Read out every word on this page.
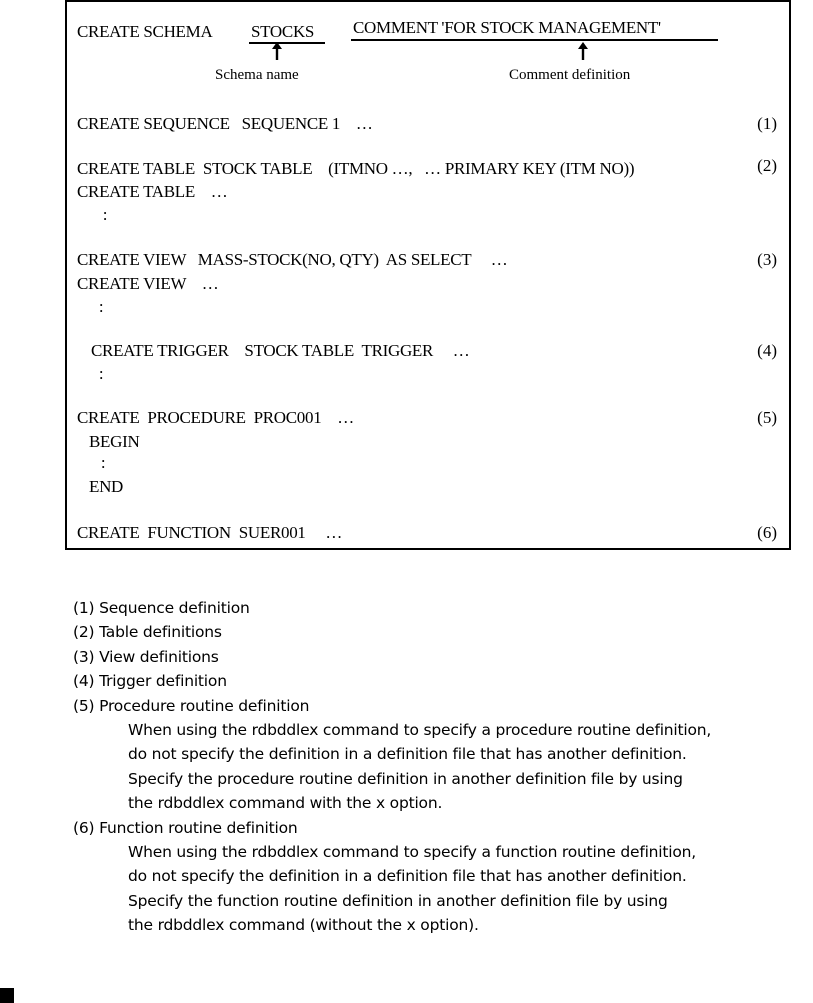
CREATE SCHEMA STOCKS COMMENT 'FOR STOCK MANAGEMENT'
Schema name	Comment definition
CREATE SEQUENCE   SEQUENCE 1    …	(1)
CREATE TABLE  STOCK TABLE    (ITMNO …,   … PRIMARY KEY (ITM NO))	(2)
CREATE TABLE    …
:
CREATE VIEW   MASS-STOCK(NO, QTY)  AS SELECT     …	(3)
CREATE VIEW    …
:
CREATE TRIGGER    STOCK TABLE  TRIGGER     …	(4)
:
CREATE  PROCEDURE  PROC001    …	(5)
BEGIN
:
END
CREATE  FUNCTION  SUER001     …	(6)
(1) Sequence definition
(2) Table definitions
(3) View definitions
(4) Trigger definition
(5) Procedure routine definition
When using the rdbddlex command to specify a procedure routine definition,
do not specify the definition in a definition file that has another definition.
Specify the procedure routine definition in another definition file by using
the rdbddlex command with the x option.
(6) Function routine definition
When using the rdbddlex command to specify a function routine definition,
do not specify the definition in a definition file that has another definition.
Specify the function routine definition in another definition file by using
the rdbddlex command (without the x option).
